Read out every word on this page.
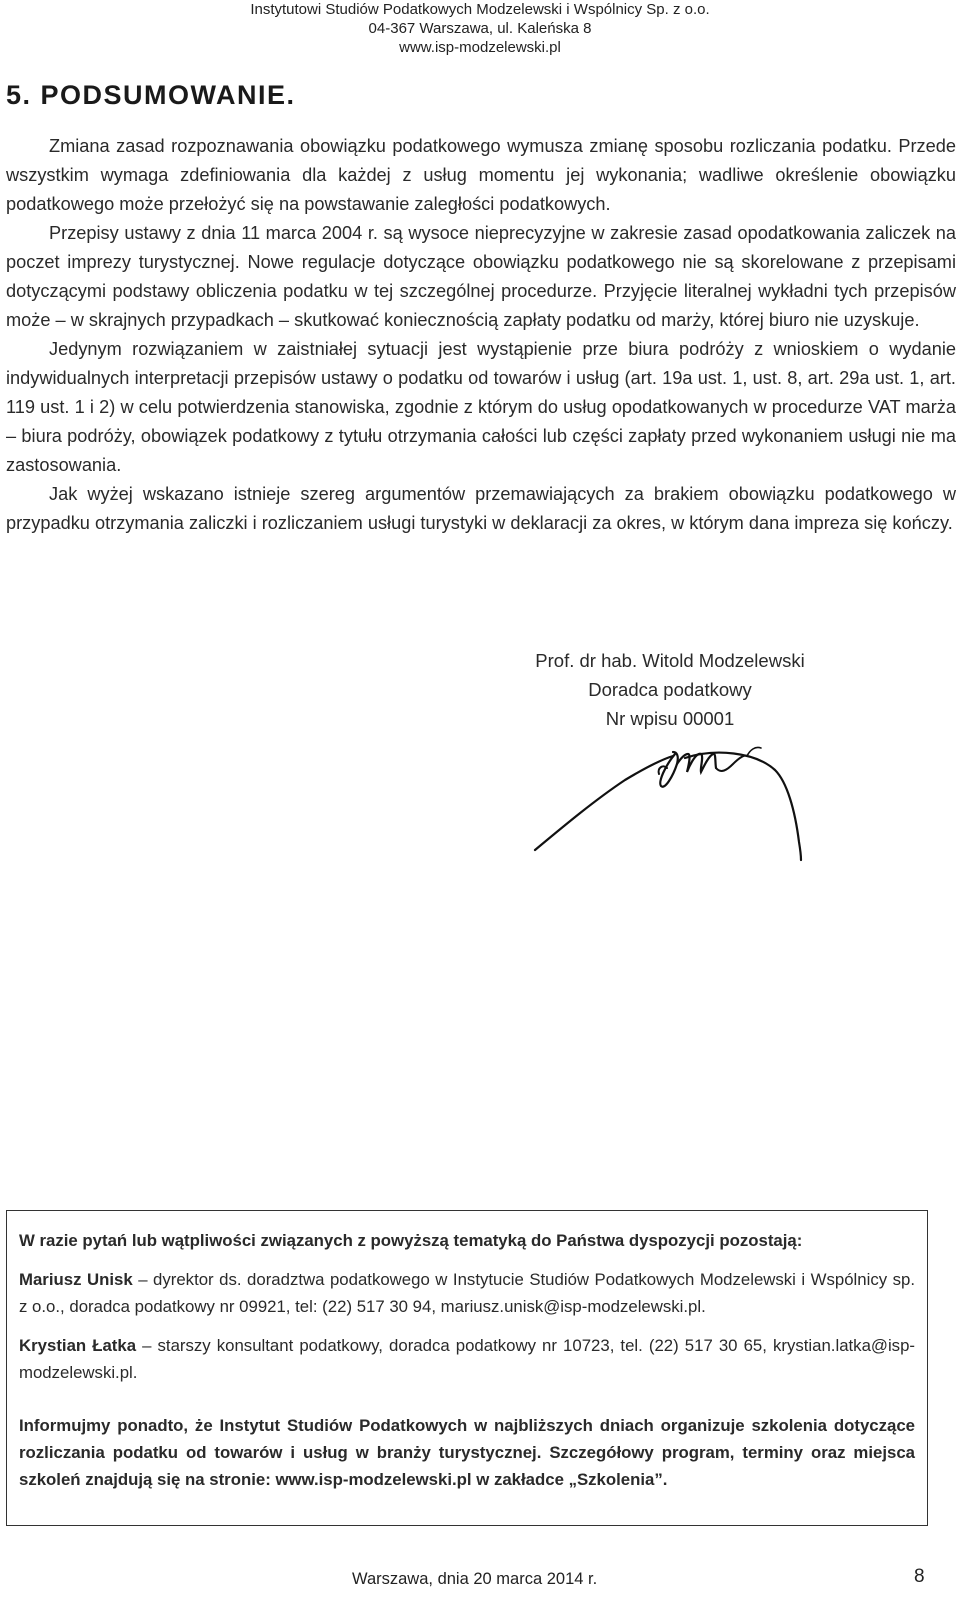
Instytutowi Studiów Podatkowych Modzelewski i Wspólnicy Sp. z o.o.
04-367 Warszawa, ul. Kaleńska 8
www.isp-modzelewski.pl
5. PODSUMOWANIE.

Zmiana zasad rozpoznawania obowiązku podatkowego wymusza zmianę sposobu rozliczania podatku. Przede wszystkim wymaga zdefiniowania dla każdej z usług momentu jej wykonania; wadliwe określenie obowiązku podatkowego może przełożyć się na powstawanie zaległości podatkowych.

Przepisy ustawy z dnia 11 marca 2004 r. są wysoce nieprecyzyjne w zakresie zasad opodatkowania zaliczek na poczet imprezy turystycznej. Nowe regulacje dotyczące obowiązku podatkowego nie są skorelowane z przepisami dotyczącymi podstawy obliczenia podatku w tej szczególnej procedurze. Przyjęcie literalnej wykładni tych przepisów może – w skrajnych przypadkach – skutkować koniecznością zapłaty podatku od marży, której biuro nie uzyskuje.

Jedynym rozwiązaniem w zaistniałej sytuacji jest wystąpienie prze biura podróży z wnioskiem o wydanie indywidualnych interpretacji przepisów ustawy o podatku od towarów i usług (art. 19a ust. 1, ust. 8, art. 29a ust. 1, art. 119 ust. 1 i 2) w celu potwierdzenia stanowiska, zgodnie z którym do usług opodatkowanych w procedurze VAT marża – biura podróży, obowiązek podatkowy z tytułu otrzymania całości lub części zapłaty przed wykonaniem usługi nie ma zastosowania.

Jak wyżej wskazano istnieje szereg argumentów przemawiających za brakiem obowiązku podatkowego w przypadku otrzymania zaliczki i rozliczaniem usługi turystyki w deklaracji za okres, w którym dana impreza się kończy.

Prof. dr hab. Witold Modzelewski
Doradca podatkowy
Nr wpisu 00001

W razie pytań lub wątpliwości związanych z powyższą tematyką do Państwa dyspozycji pozostają:

Mariusz Unisk – dyrektor ds. doradztwa podatkowego w Instytucie Studiów Podatkowych Modzelewski i Wspólnicy sp. z o.o., doradca podatkowy nr 09921, tel: (22) 517 30 94, mariusz.unisk@isp-modzelewski.pl.

Krystian Łatka – starszy konsultant podatkowy, doradca podatkowy nr 10723, tel. (22) 517 30 65, krystian.latka@isp-modzelewski.pl.

Informujmy ponadto, że Instytut Studiów Podatkowych w najbliższych dniach organizuje szkolenia dotyczące rozliczania podatku od towarów i usług w branży turystycznej. Szczegółowy program, terminy oraz miejsca szkoleń znajdują się na stronie: www.isp-modzelewski.pl w zakładce „Szkolenia”.

Warszawa, dnia 20 marca 2014 r.	8
